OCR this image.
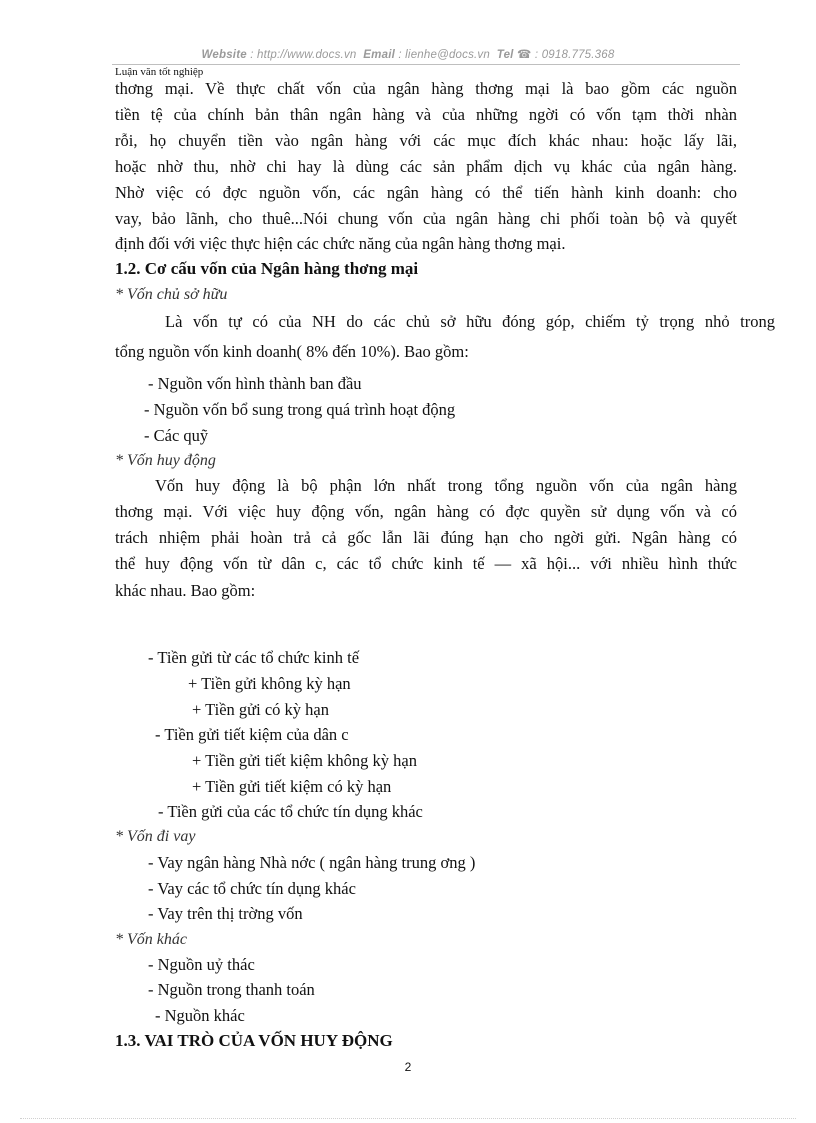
Website : http://www.docs.vn Email : lienhe@docs.vn Tel ☎ : 0918.775.368
Luận văn tốt nghiệp
thơng mại. Về thực chất vốn của ngân hàng thơng mại là bao gồm các nguồn
tiền tệ của chính bản thân ngân hàng và của những ngời có vốn tạm thời nhàn
rỗi, họ chuyển tiền vào ngân hàng với các mục đích khác nhau: hoặc lấy lãi,
hoặc nhờ thu, nhờ chi hay là dùng các sản phẩm dịch vụ khác của ngân hàng.
Nhờ việc có đợc nguồn vốn, các ngân hàng có thể tiến hành kinh doanh: cho
vay, bảo lãnh, cho thuê...Nói chung vốn của ngân hàng chi phối toàn bộ và quyết
định đối với việc thực hiện các chức năng của ngân hàng thơng mại.
1.2. Cơ cấu vốn của Ngân hàng thơng mại
* Vốn chủ sở hữu
Là vốn tự có của NH do các chủ sở hữu đóng góp, chiếm tỷ trọng nhỏ trong
tổng nguồn vốn kinh doanh( 8% đến 10%). Bao gồm:
- Nguồn vốn hình thành ban đầu
- Nguồn vốn bổ sung trong quá trình hoạt động
- Các quỹ
* Vốn huy động
Vốn huy động là bộ phận lớn nhất trong tổng nguồn vốn của ngân hàng
thơng mại. Với việc huy động vốn, ngân hàng có đợc quyền sử dụng vốn và có
trách nhiệm phải hoàn trả cả gốc lẫn lãi đúng hạn cho ngời gửi. Ngân hàng có
thể huy động vốn từ dân c, các tổ chức kinh tế — xã hội... với nhiều hình thức
khác nhau. Bao gồm:
- Tiền gửi từ các tổ chức kinh tế
+ Tiền gửi không kỳ hạn
+ Tiền gửi có kỳ hạn
- Tiền gửi tiết kiệm của dân c
+ Tiền gửi tiết kiệm không kỳ hạn
+ Tiền gửi tiết kiệm có kỳ hạn
- Tiền gửi của các tổ chức tín dụng khác
* Vốn đi vay
- Vay ngân hàng Nhà nớc ( ngân hàng trung ơng )
- Vay các tổ chức tín dụng khác
- Vay trên thị trờng vốn
* Vốn khác
- Nguồn uỷ thác
- Nguồn trong thanh toán
- Nguồn khác
1.3. VAI TRÒ CỦA VỐN HUY ĐỘNG
2
